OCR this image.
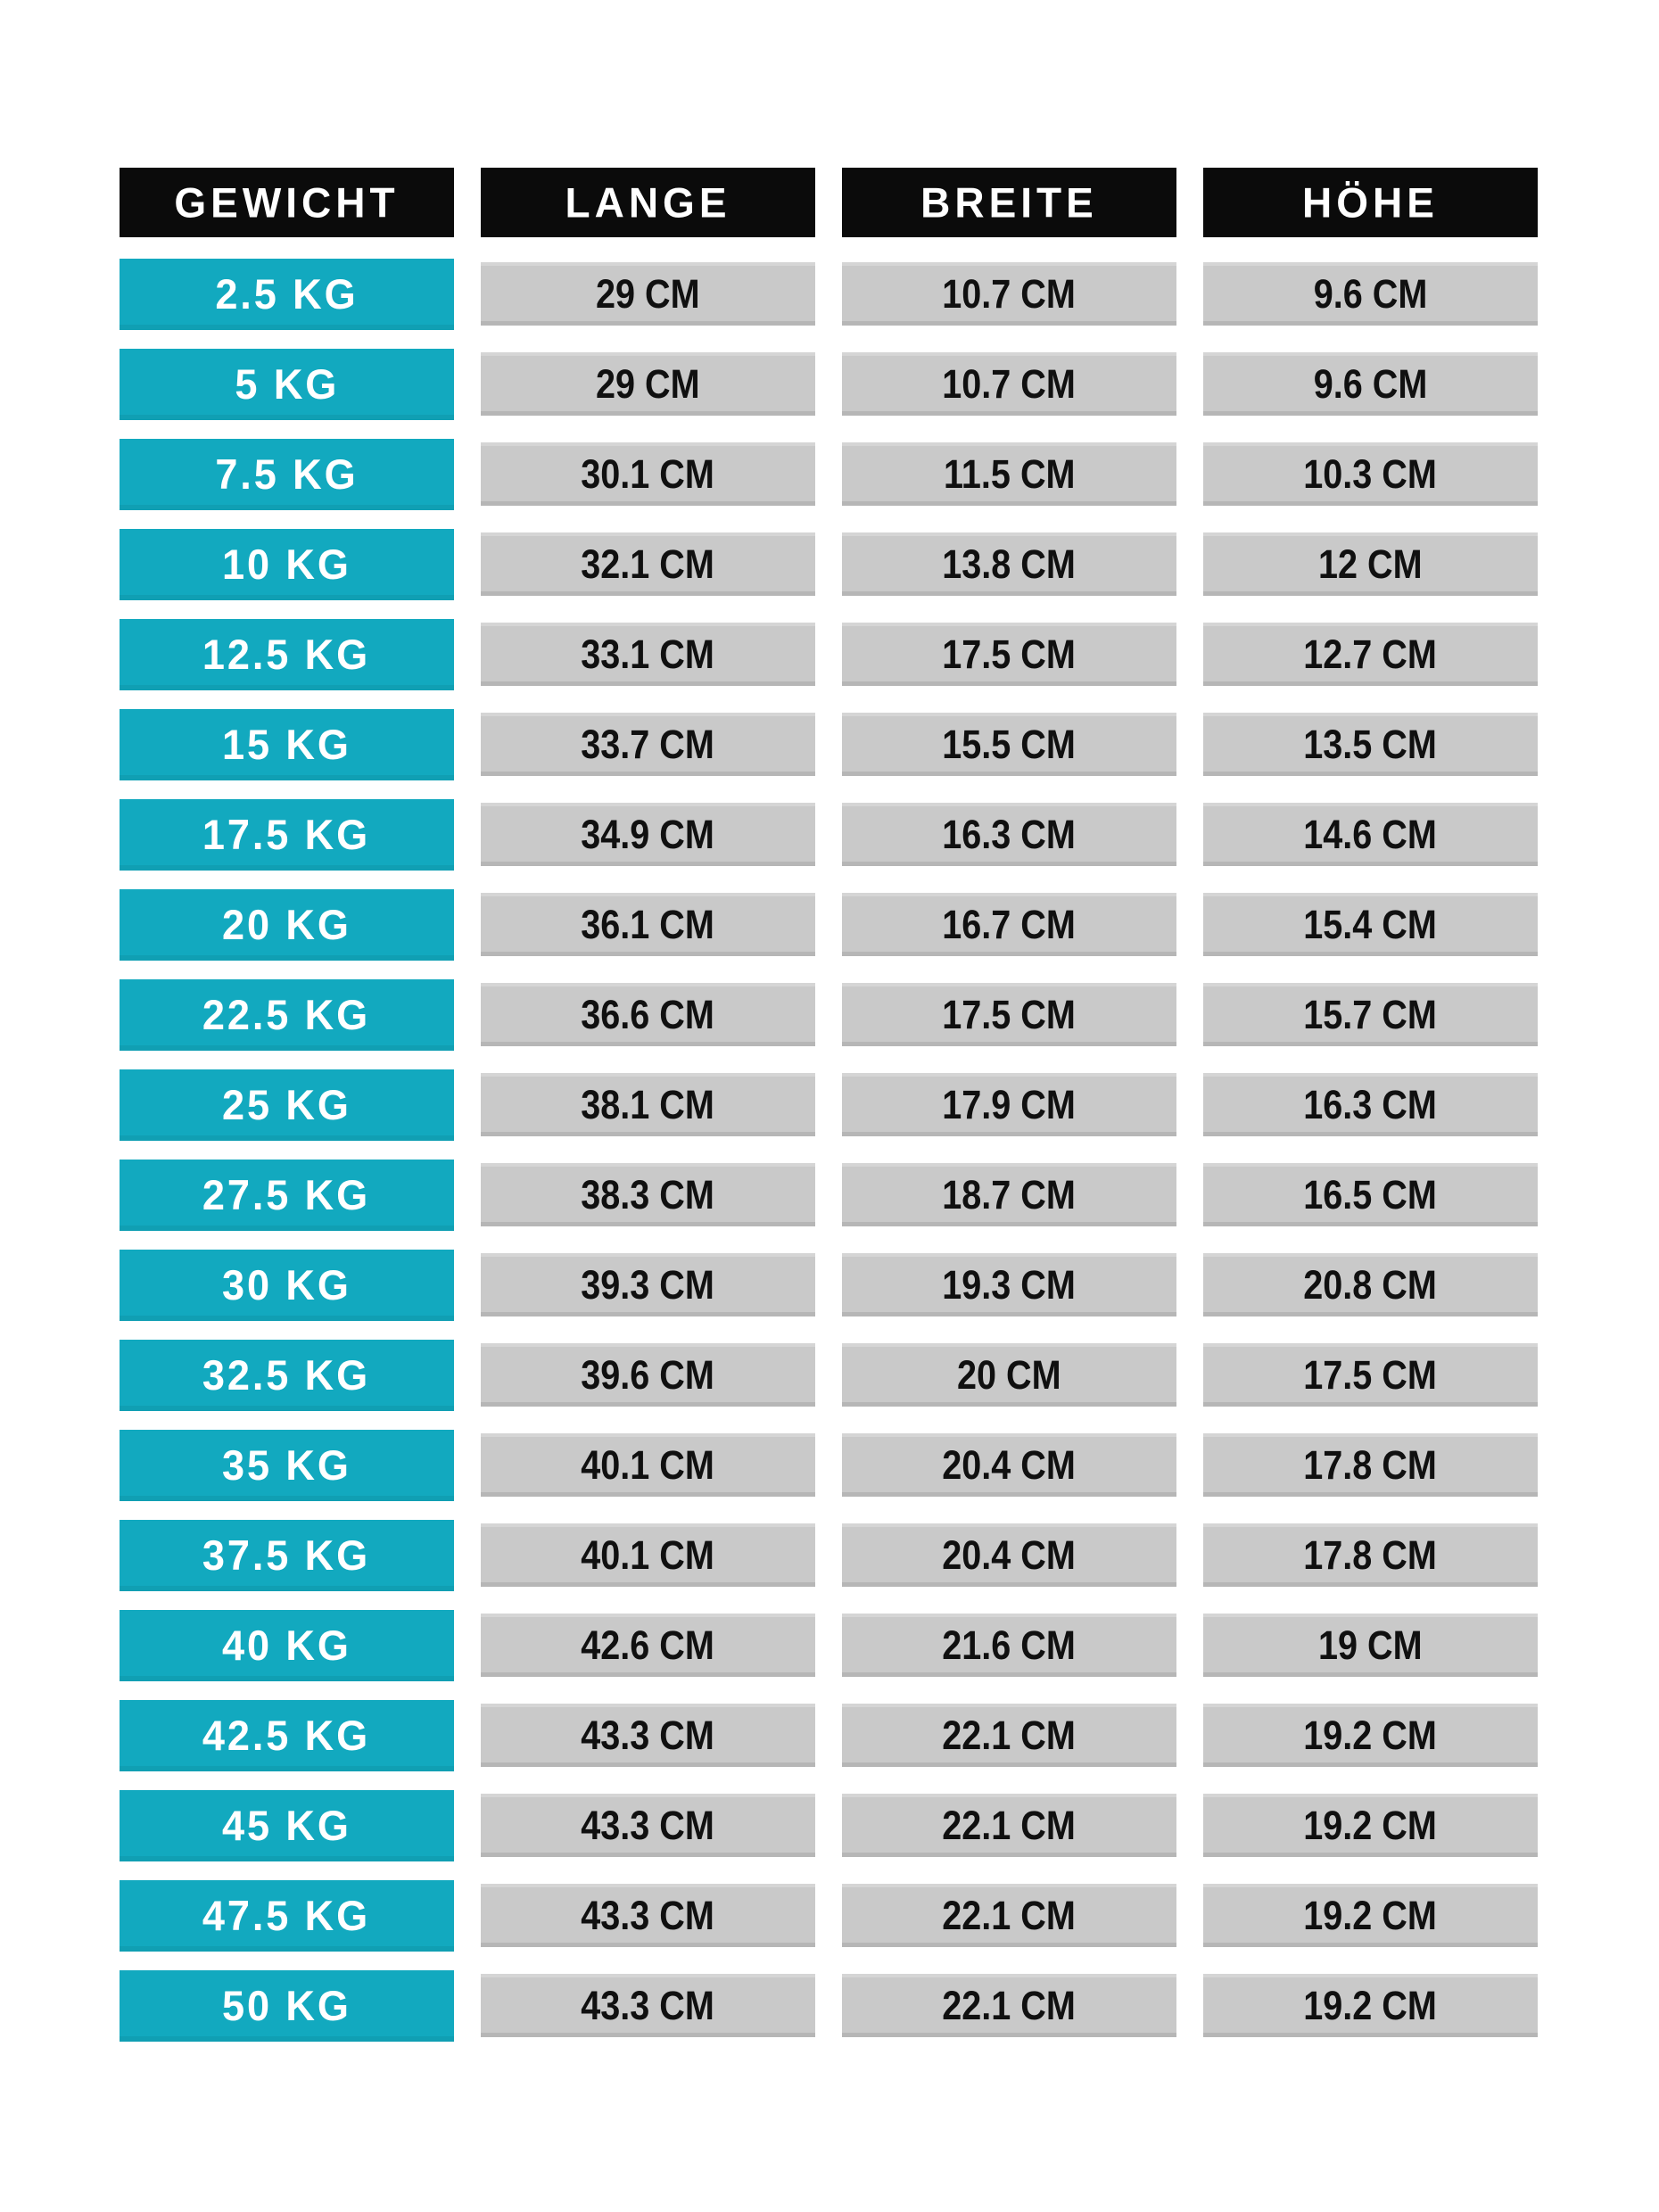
GEWICHT	LANGE	BREITE	HÖHE
2.5 KG	29 CM	10.7 CM	9.6 CM
5 KG	29 CM	10.7 CM	9.6 CM
7.5 KG	30.1 CM	11.5 CM	10.3 CM
10 KG	32.1 CM	13.8 CM	12 CM
12.5 KG	33.1 CM	17.5 CM	12.7 CM
15 KG	33.7 CM	15.5 CM	13.5 CM
17.5 KG	34.9 CM	16.3 CM	14.6 CM
20 KG	36.1 CM	16.7 CM	15.4 CM
22.5 KG	36.6 CM	17.5 CM	15.7 CM
25 KG	38.1 CM	17.9 CM	16.3 CM
27.5 KG	38.3 CM	18.7 CM	16.5 CM
30 KG	39.3 CM	19.3 CM	20.8 CM
32.5 KG	39.6 CM	20 CM	17.5 CM
35 KG	40.1 CM	20.4 CM	17.8 CM
37.5 KG	40.1 CM	20.4 CM	17.8 CM
40 KG	42.6 CM	21.6 CM	19 CM
42.5 KG	43.3 CM	22.1 CM	19.2 CM
45 KG	43.3 CM	22.1 CM	19.2 CM
47.5 KG	43.3 CM	22.1 CM	19.2 CM
50 KG	43.3 CM	22.1 CM	19.2 CM
